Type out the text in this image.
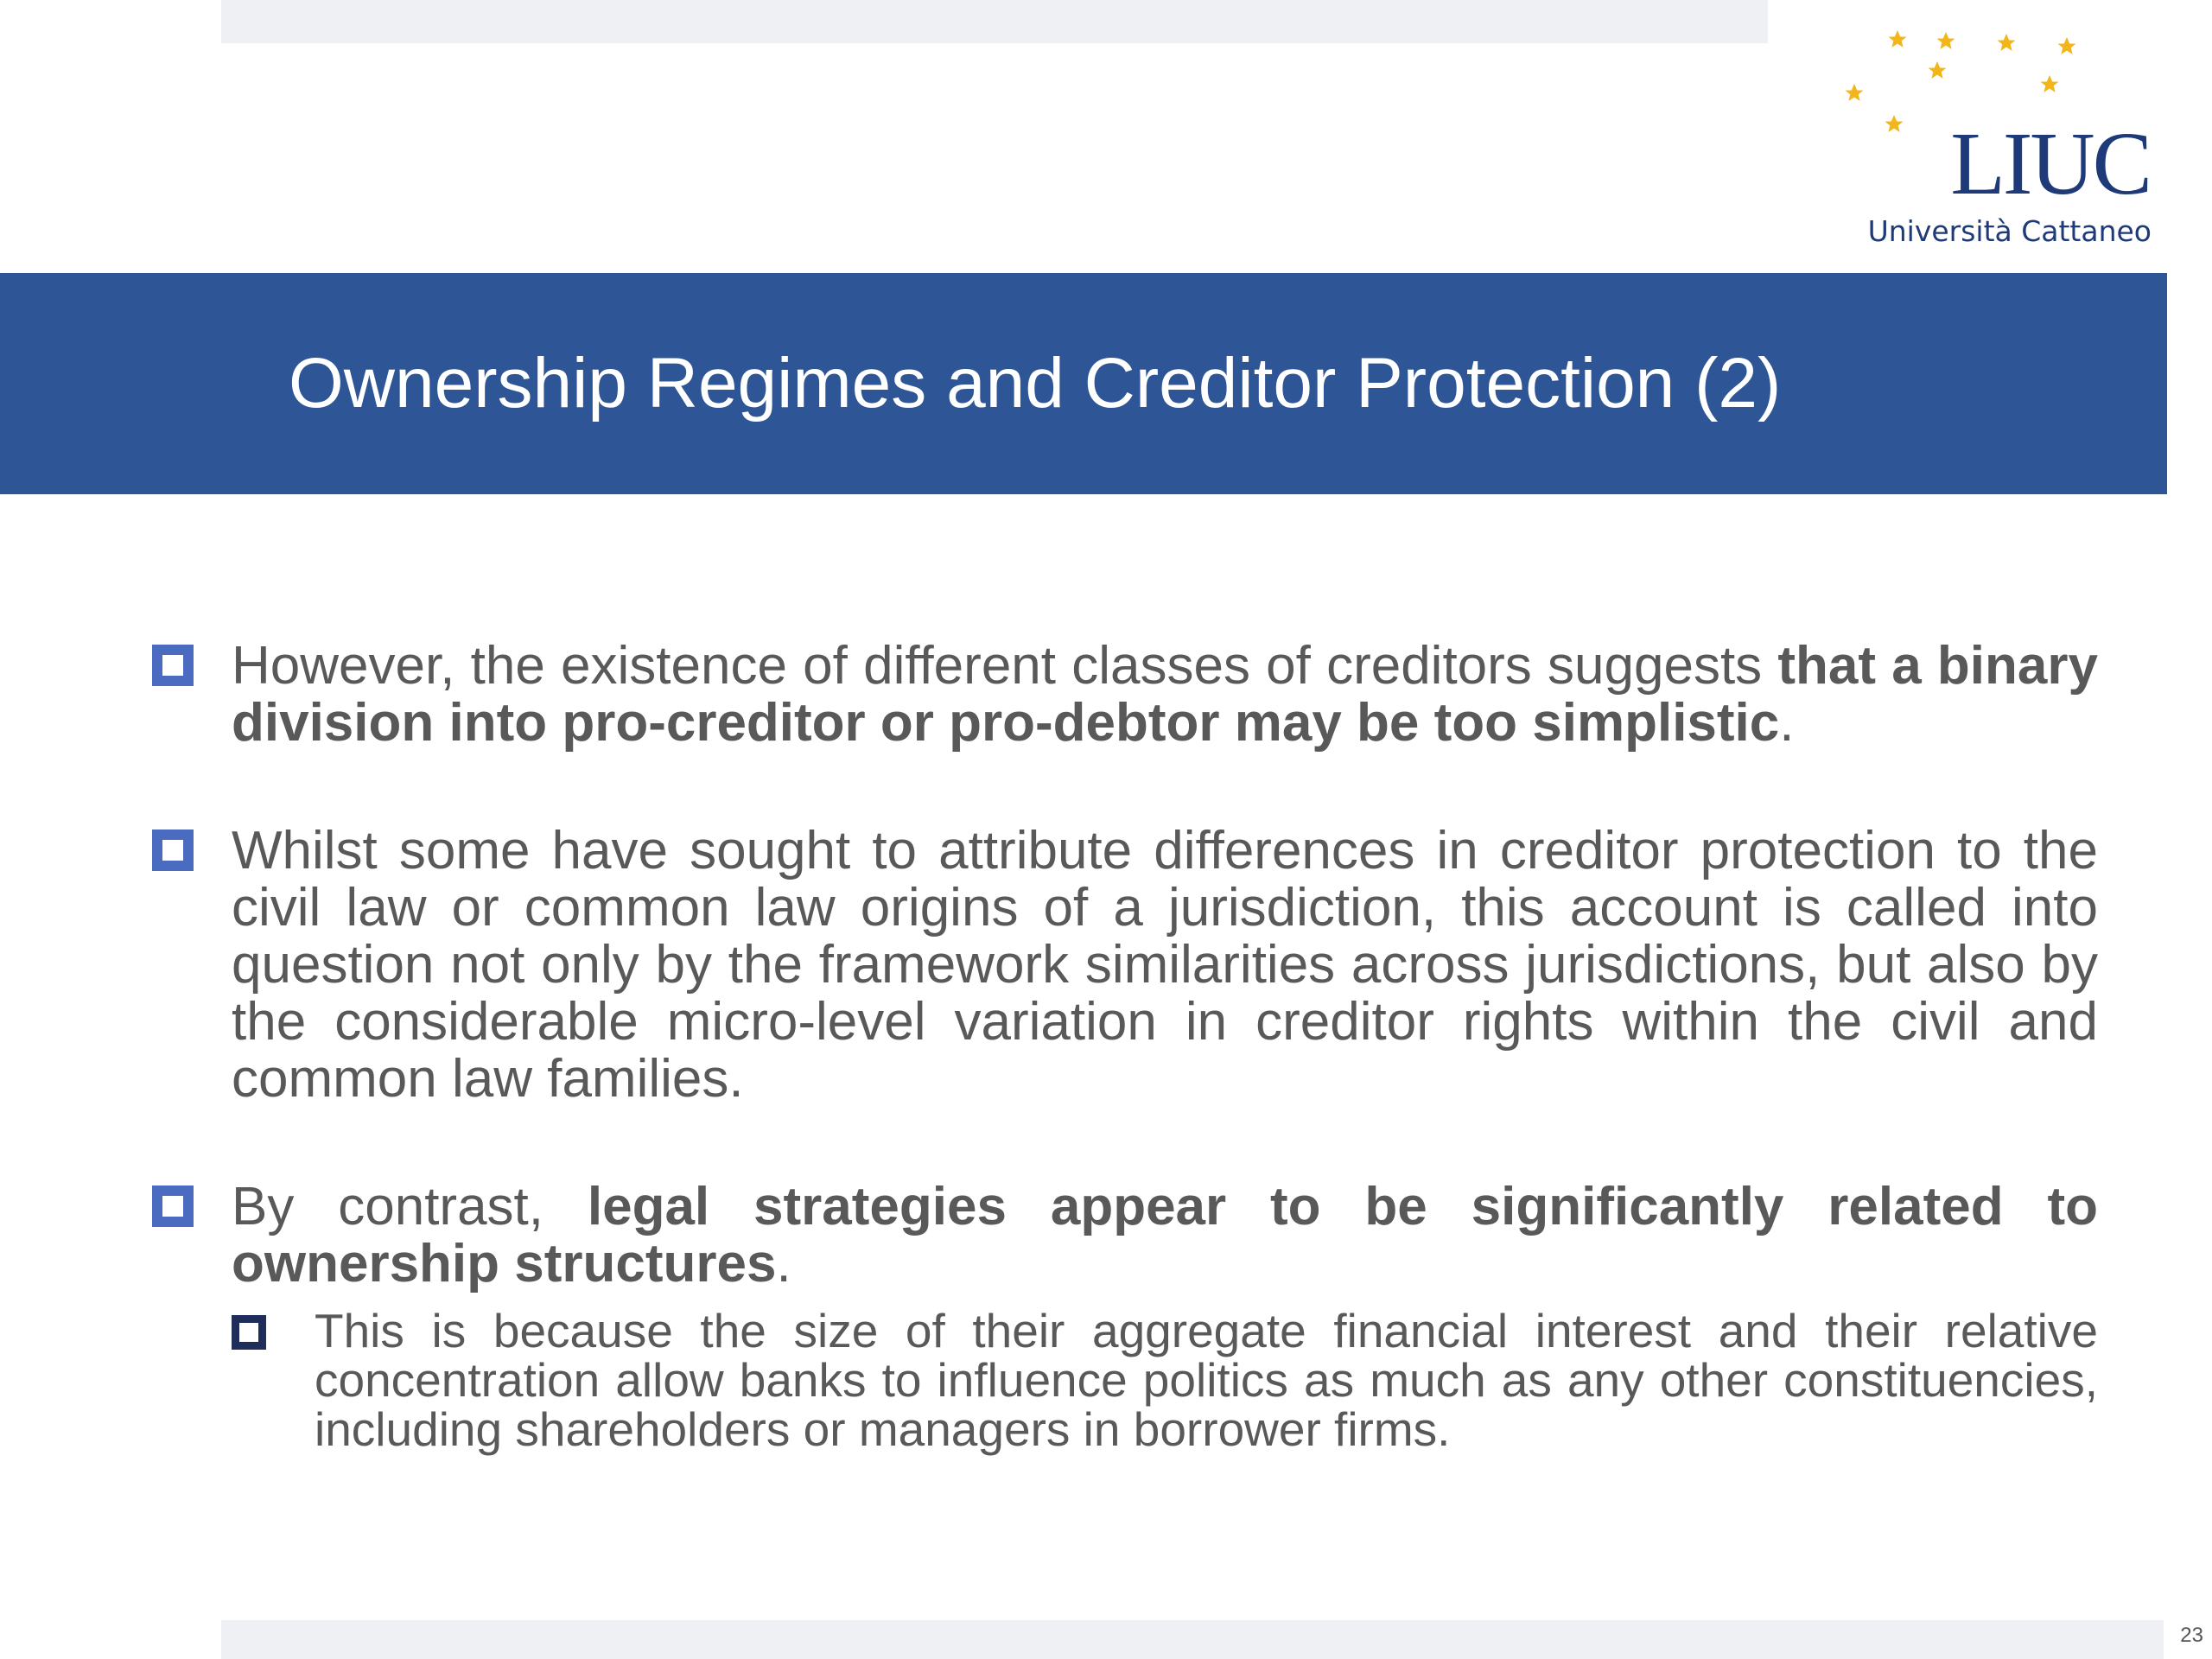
LIUC
Università Cattaneo
Ownership Regimes and Creditor Protection (2)
However, the existence of different classes of creditors suggests that a binary division into pro-creditor or pro-debtor may be too simplistic.
Whilst some have sought to attribute differences in creditor protection to the civil law or common law origins of a jurisdiction, this account is called into question not only by the framework similarities across jurisdictions, but also by the considerable micro-level variation in creditor rights within the civil and common law families.
By contrast, legal strategies appear to be significantly related to ownership structures.
This is because the size of their aggregate financial interest and their relative concentration allow banks to influence politics as much as any other constituencies, including shareholders or managers in borrower firms.
23
